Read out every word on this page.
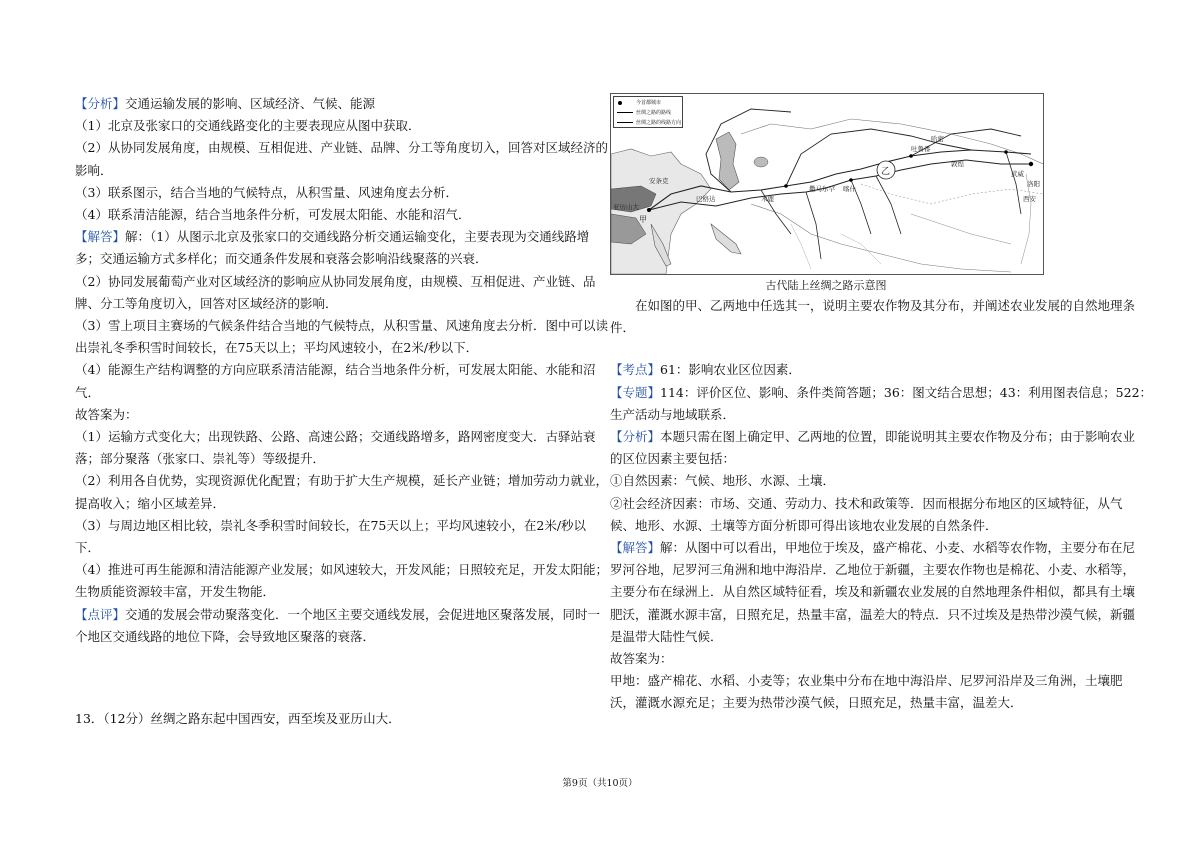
【分析】交通运输发展的影响、区域经济、气候、能源
（1）北京及张家口的交通线路变化的主要表现应从图中获取．
（2）从协同发展角度，由规模、互相促进、产业链、品牌、分工等角度切入，回答对区域经济的
影响．
（3）联系图示，结合当地的气候特点，从积雪量、风速角度去分析．
（4）联系清洁能源，结合当地条件分析，可发展太阳能、水能和沼气．
【解答】解：（1）从图示北京及张家口的交通线路分析交通运输变化，主要表现为交通线路增
多；交通运输方式多样化；而交通条件发展和衰落会影响沿线聚落的兴衰．
（2）协同发展葡萄产业对区域经济的影响应从协同发展角度，由规模、互相促进、产业链、品
牌、分工等角度切入，回答对区域经济的影响．
（3）雪上项目主赛场的气候条件结合当地的气候特点，从积雪量、风速角度去分析．图中可以读
出崇礼冬季积雪时间较长，在75天以上；平均风速较小，在2米/秒以下．
（4）能源生产结构调整的方向应联系清洁能源，结合当地条件分析，可发展太阳能、水能和沼
气．
故答案为：
（1）运输方式变化大；出现铁路、公路、高速公路；交通线路增多，路网密度变大．古驿站衰
落；部分聚落（张家口、崇礼等）等级提升．
（2）利用各自优势，实现资源优化配置；有助于扩大生产规模，延长产业链；增加劳动力就业，
提高收入；缩小区域差异．
（3）与周边地区相比较，崇礼冬季积雪时间较长，在75天以上；平均风速较小，在2米/秒以
下．
（4）推进可再生能源和清洁能源产业发展；如风速较大，开发风能；日照较充足，开发太阳能；
生物质能资源较丰富，开发生物能．
【点评】交通的发展会带动聚落变化．一个地区主要交通线发展，会促进地区聚落发展，同时一
个地区交通线路的地位下降，会导致地区聚落的衰落．
13．（12分）丝绸之路东起中国西安，西至埃及亚历山大．
今首都城市
丝绸之路的路线
丝绸之路的线路方向
甲
乙
亚历山大
安条克
巴格达	木鹿
撒马尔罕 喀什
敦煌
武威
西安
洛阳
吐鲁番
哈密
古代陆上丝绸之路示意图
在如图的甲、乙两地中任选其一，说明主要农作物及其分布，并阐述农业发展的自然地理条
件．
【考点】61：影响农业区位因素．
【专题】114：评价区位、影响、条件类简答题；36：图文结合思想；43：利用图表信息；522：
生产活动与地域联系．
【分析】本题只需在图上确定甲、乙两地的位置，即能说明其主要农作物及分布；由于影响农业
的区位因素主要包括：
①自然因素：气候、地形、水源、土壤．
②社会经济因素：市场、交通、劳动力、技术和政策等．因而根据分布地区的区域特征，从气
候、地形、水源、土壤等方面分析即可得出该地农业发展的自然条件．
【解答】解：从图中可以看出，甲地位于埃及，盛产棉花、小麦、水稻等农作物，主要分布在尼
罗河谷地，尼罗河三角洲和地中海沿岸．乙地位于新疆，主要农作物也是棉花、小麦、水稻等，
主要分布在绿洲上．从自然区域特征看，埃及和新疆农业发展的自然地理条件相似，都具有土壤
肥沃，灌溉水源丰富，日照充足，热量丰富，温差大的特点．只不过埃及是热带沙漠气候，新疆
是温带大陆性气候．
故答案为：
甲地：盛产棉花、水稻、小麦等；农业集中分布在地中海沿岸、尼罗河沿岸及三角洲，土壤肥
沃，灌溉水源充足；主要为热带沙漠气候，日照充足，热量丰富，温差大．
第9页（共10页）
